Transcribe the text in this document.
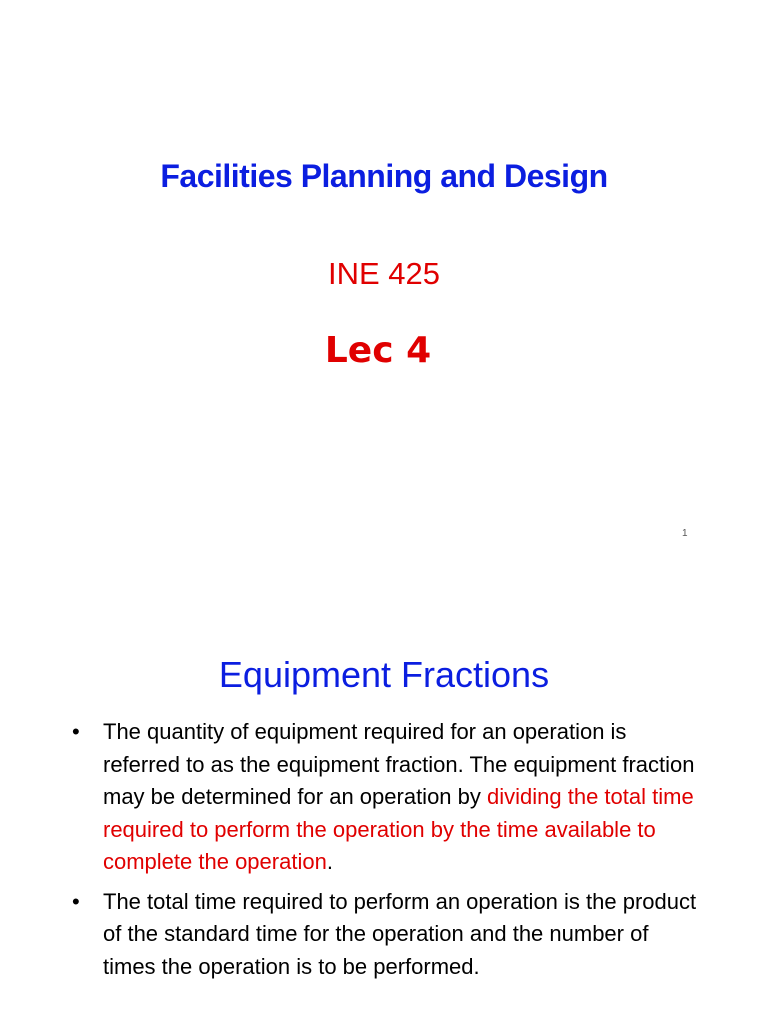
Facilities Planning and Design
INE 425
Lec 4
1
Equipment Fractions
• The quantity of equipment required for an operation is referred to as the equipment fraction. The equipment fraction may be determined for an operation by dividing the total time required to perform the operation by the time available to complete the operation.
• The total time required to perform an operation is the product of the standard time for the operation and the number of times the operation is to be performed.
